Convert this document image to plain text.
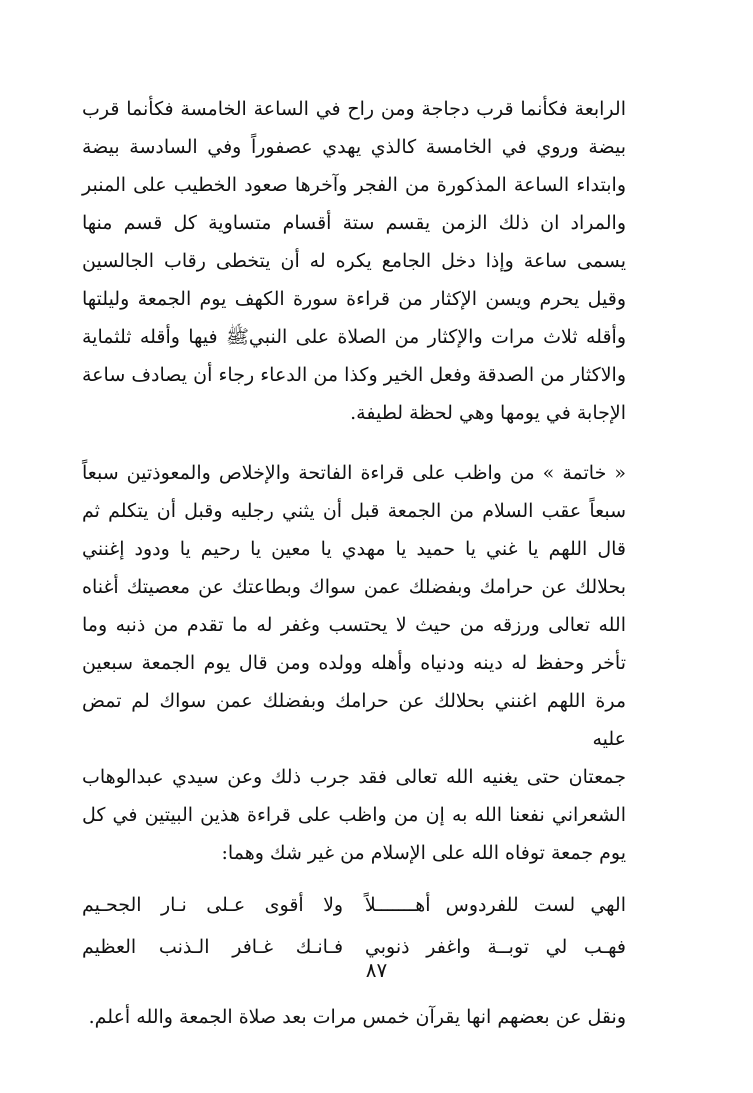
الرابعة فكأنما قرب دجاجة ومن راح في الساعة الخامسة فكأنما قرب بيضة وروي في الخامسة كالذي يهدي عصفوراً وفي السادسة بيضة وابتداء الساعة المذكورة من الفجر وآخرها صعود الخطيب على المنبر والمراد ان ذلك الزمن يقسم ستة أقسام متساوية كل قسم منها يسمى ساعة وإذا دخل الجامع يكره له أن يتخطى رقاب الجالسين وقيل يحرم ويسن الإكثار من قراءة سورة الكهف يوم الجمعة وليلتها وأقله ثلاث مرات والإكثار من الصلاة على النبيﷺ فيها وأقله ثلثماية والاكثار من الصدقة وفعل الخير وكذا من الدعاء رجاء أن يصادف ساعة الإجابة في يومها وهي لحظة لطيفة.

« خاتمة » من واظب على قراءة الفاتحة والإخلاص والمعوذتين سبعاً سبعاً عقب السلام من الجمعة قبل أن يثني رجليه وقبل أن يتكلم ثم قال اللهم يا غني يا حميد يا مهدي يا معين يا رحيم يا ودود إغنني بحلالك عن حرامك وبفضلك عمن سواك وبطاعتك عن معصيتك أغناه الله تعالى ورزقه من حيث لا يحتسب وغفر له ما تقدم من ذنبه وما تأخر وحفظ له دينه ودنياه وأهله وولده ومن قال يوم الجمعة سبعين مرة اللهم اغنني بحلالك عن حرامك وبفضلك عمن سواك لم تمض عليه

جمعتان حتى يغنيه الله تعالى فقد جرب ذلك وعن سيدي عبدالوهاب الشعراني نفعنا الله به إن من واظب على قراءة هذين البيتين في كل يوم جمعة توفاه الله على الإسلام من غير شك وهما:

الهي لست للفردوس أهـــــــلاً
ولا أقوى عـلى نـار الجحـيم
فهـب لي توبــة واغفر ذنوبي
فـانـك غـافر الـذنب العظيم

ونقل عن بعضهم انها يقرآن خمس مرات بعد صلاة الجمعة والله أعلم.

٨٧
